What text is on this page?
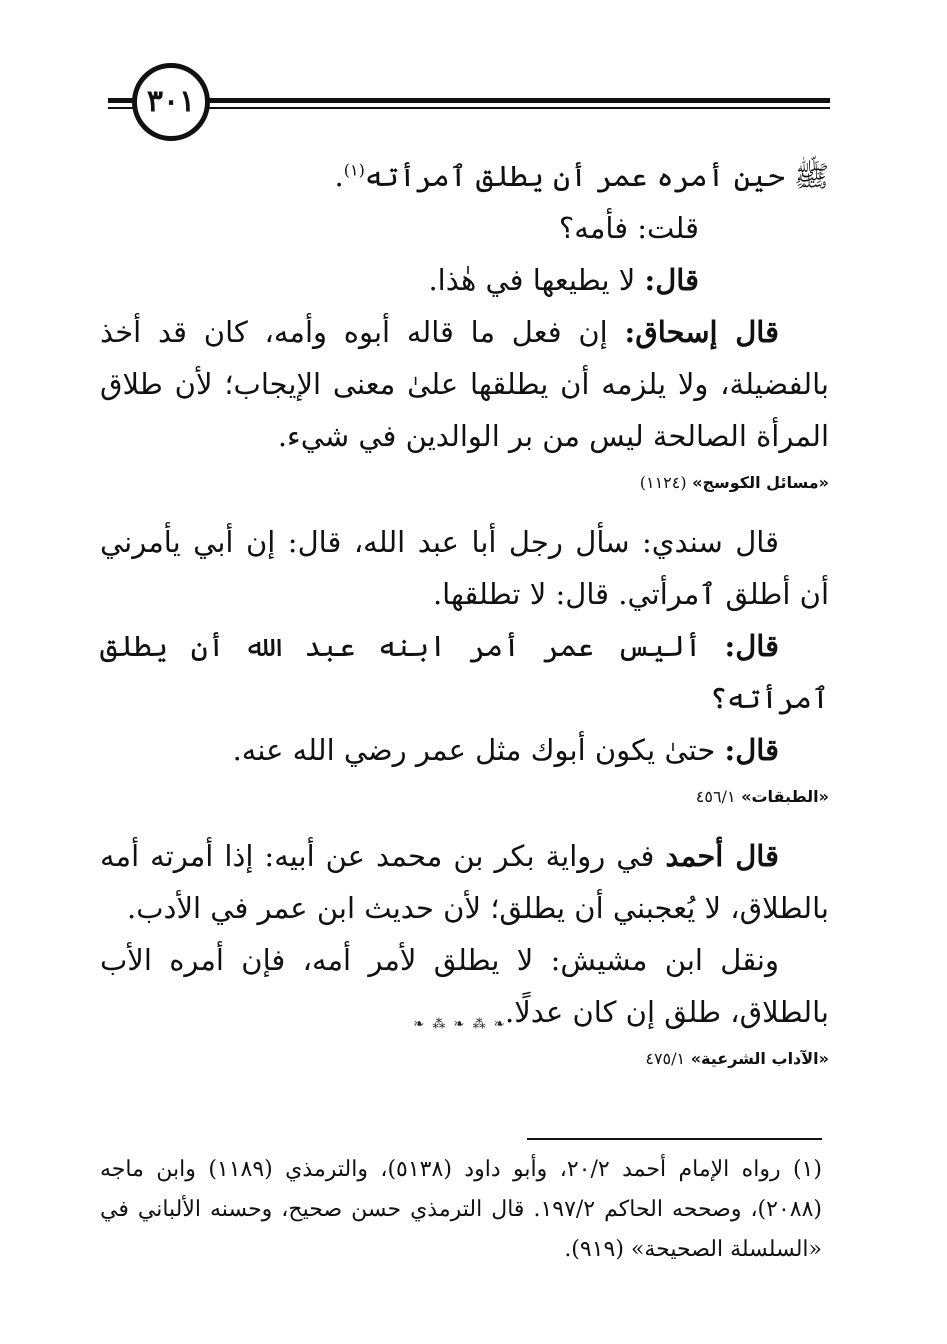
٣٠١

ﷺ حين أمره عمر أن يطلق ٱمرأته$^{(١)}$.

قلت: فأمه؟

قال: لا يطيعها في هٰذا.

قال إسحاق: إن فعل ما قاله أبوه وأمه، كان قد أخذ بالفضيلة، ولا يلزمه أن يطلقها علىٰ معنى الإيجاب؛ لأن طلاق المرأة الصالحة ليس من بر الوالدين في شيء.

«مسائل الكوسج» (١١٢٤)

قال سندي: سأل رجل أبا عبد الله، قال: إن أبي يأمرني أن أطلق ٱمرأتي. قال: لا تطلقها.

قال: أليس عمر أمر ابنه عبد الله أن يطلق ٱمرأته؟

قال: حتىٰ يكون أبوك مثل عمر رضي الله عنه.

«الطبقات» ٤٥٦/١

قال أحمد في رواية بكر بن محمد عن أبيه: إذا أمرته أمه بالطلاق، لا يُعجبني أن يطلق؛ لأن حديث ابن عمر في الأدب.

ونقل ابن مشيش: لا يطلق لأمر أمه، فإن أمره الأب بالطلاق، طلق إن كان عدلًا.

«الآداب الشرعية» ٤٧٥/١
❧ ⁂ ❧ ⁂ ❧

(١) رواه الإمام أحمد ٢٠/٢، وأبو داود (٥١٣٨)، والترمذي (١١٨٩) وابن ماجه (٢٠٨٨)، وصححه الحاكم ١٩٧/٢. قال الترمذي حسن صحيح، وحسنه الألباني في «السلسلة الصحيحة» (٩١٩).
